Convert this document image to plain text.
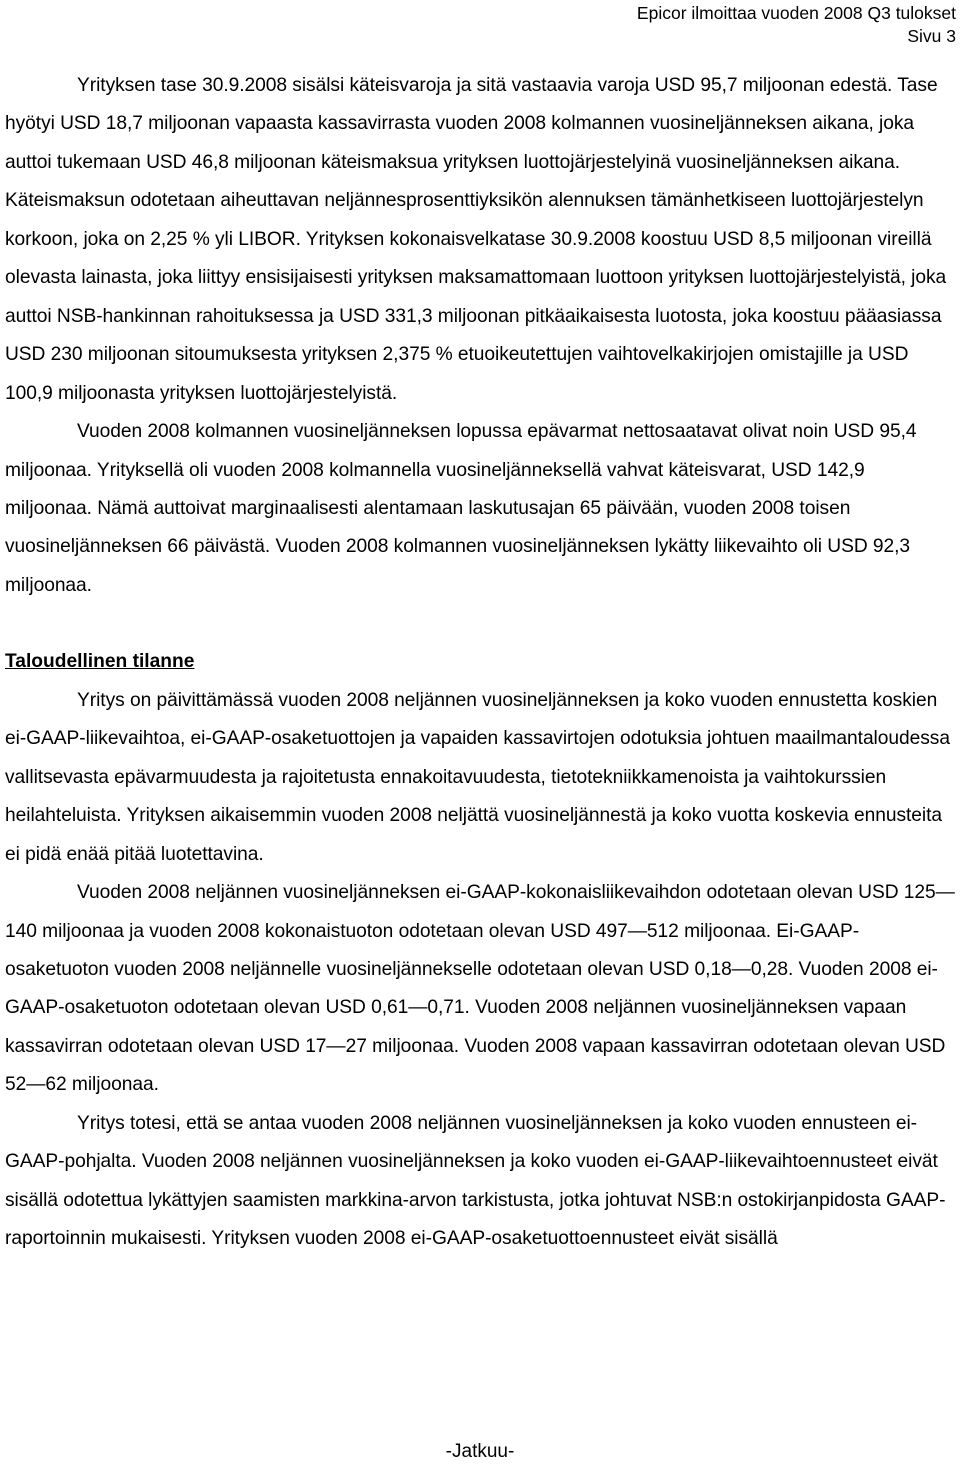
Epicor ilmoittaa vuoden 2008 Q3 tulokset
Sivu 3

Yrityksen tase 30.9.2008 sisälsi käteisvaroja ja sitä vastaavia varoja USD 95,7 miljoonan edestä. Tase hyötyi USD 18,7 miljoonan vapaasta kassavirrasta vuoden 2008 kolmannen vuosineljänneksen aikana, joka auttoi tukemaan USD 46,8 miljoonan käteismaksua yrityksen luottojärjestelyinä vuosineljänneksen aikana. Käteismaksun odotetaan aiheuttavan neljännesprosenttiyksikön alennuksen tämänhetkiseen luottojärjestelyn korkoon, joka on 2,25 % yli LIBOR. Yrityksen kokonaisvelkatase 30.9.2008 koostuu USD 8,5 miljoonan vireillä olevasta lainasta, joka liittyy ensisijaisesti yrityksen maksamattomaan luottoon yrityksen luottojärjestelyistä, joka auttoi NSB-hankinnan rahoituksessa ja USD 331,3 miljoonan pitkäaikaisesta luotosta, joka koostuu pääasiassa USD 230 miljoonan sitoumuksesta yrityksen 2,375 % etuoikeutettujen vaihtovelkakirjojen omistajille ja USD 100,9 miljoonasta yrityksen luottojärjestelyistä.

Vuoden 2008 kolmannen vuosineljänneksen lopussa epävarmat nettosaatavat olivat noin USD 95,4 miljoonaa. Yrityksellä oli vuoden 2008 kolmannella vuosineljänneksellä vahvat käteisvarat, USD 142,9 miljoonaa. Nämä auttoivat marginaalisesti alentamaan laskutusajan 65 päivään, vuoden 2008 toisen vuosineljänneksen 66 päivästä. Vuoden 2008 kolmannen vuosineljänneksen lykätty liikevaihto oli USD 92,3 miljoonaa.

Taloudellinen tilanne

Yritys on päivittämässä vuoden 2008 neljännen vuosineljänneksen ja koko vuoden ennustetta koskien ei-GAAP-liikevaihtoa, ei-GAAP-osaketuottojen ja vapaiden kassavirtojen odotuksia johtuen maailmantaloudessa vallitsevasta epävarmuudesta ja rajoitetusta ennakoitavuudesta, tietotekniikkamenoista ja vaihtokurssien heilahteluista. Yrityksen aikaisemmin vuoden 2008 neljättä vuosineljännestä ja koko vuotta koskevia ennusteita ei pidä enää pitää luotettavina.

Vuoden 2008 neljännen vuosineljänneksen ei-GAAP-kokonaisliikevaihdon odotetaan olevan USD 125—140 miljoonaa ja vuoden 2008 kokonaistuoton odotetaan olevan USD 497—512 miljoonaa. Ei-GAAP-osaketuoton vuoden 2008 neljännelle vuosineljännekselle odotetaan olevan USD 0,18—0,28. Vuoden 2008 ei-GAAP-osaketuoton odotetaan olevan USD 0,61—0,71. Vuoden 2008 neljännen vuosineljänneksen vapaan kassavirran odotetaan olevan USD 17—27 miljoonaa. Vuoden 2008 vapaan kassavirran odotetaan olevan USD 52—62 miljoonaa.

Yritys totesi, että se antaa vuoden 2008 neljännen vuosineljänneksen ja koko vuoden ennusteen ei-GAAP-pohjalta. Vuoden 2008 neljännen vuosineljänneksen ja koko vuoden ei-GAAP-liikevaihtoennusteet eivät sisällä odotettua lykättyjen saamisten markkina-arvon tarkistusta, jotka johtuvat NSB:n ostokirjanpidosta GAAP-raportoinnin mukaisesti. Yrityksen vuoden 2008 ei-GAAP-osaketuottoennusteet eivät sisällä

-Jatkuu-
